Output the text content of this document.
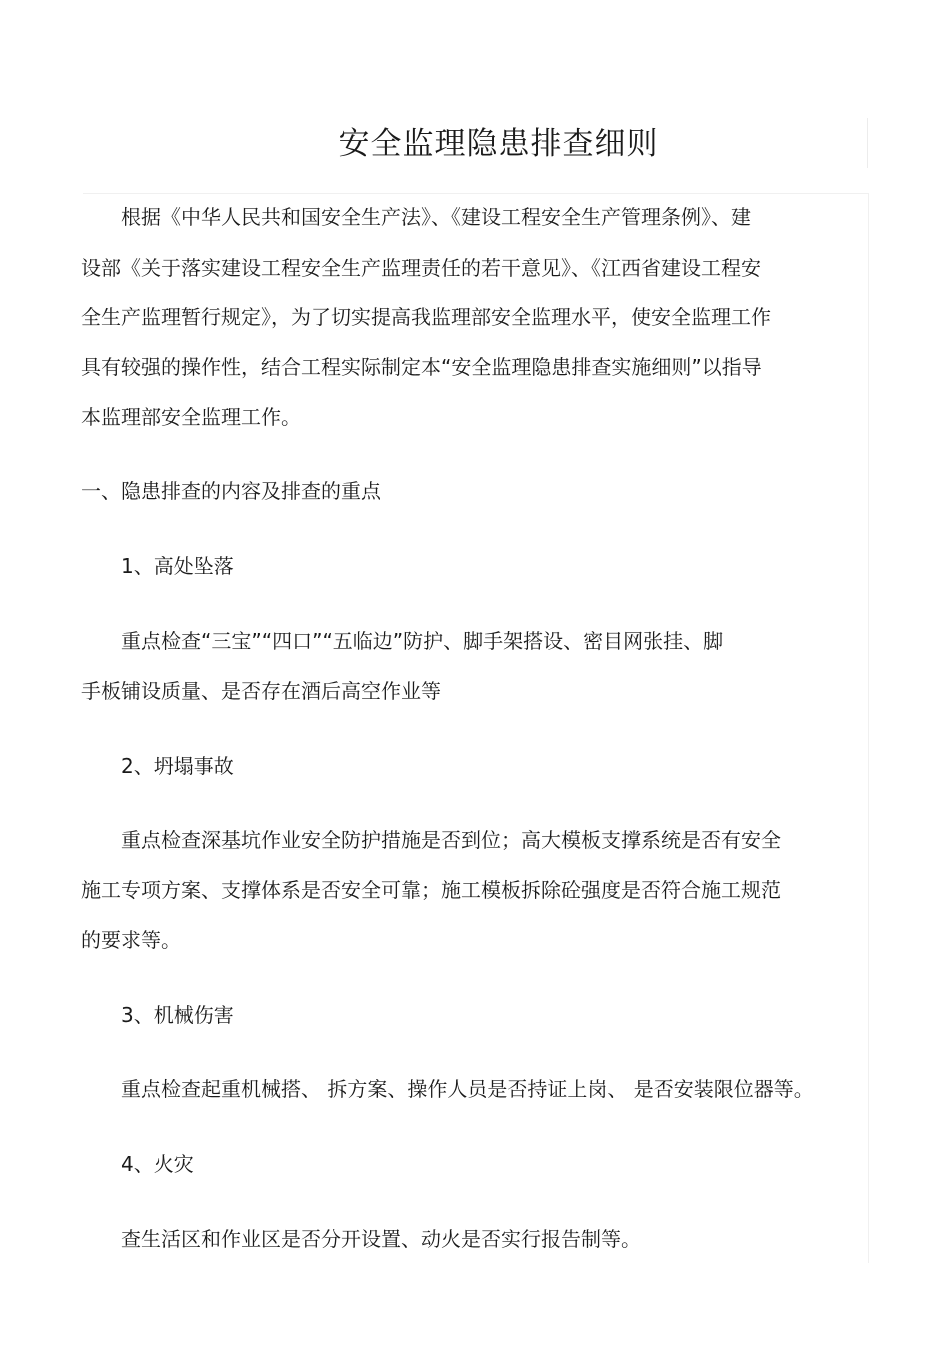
安全监理隐患排查细则
根据《中华人民共和国安全生产法》、《建设工程安全生产管理条例》、建
设部《关于落实建设工程安全生产监理责任的若干意见》、《江西省建设工程安
全生产监理暂行规定》，为了切实提高我监理部安全监理水平，使安全监理工作
具有较强的操作性，结合工程实际制定本“安全监理隐患排查实施细则”以指导
本监理部安全监理工作。
一、隐患排查的内容及排查的重点
1、高处坠落
重点检查“三宝”“四口”“五临边”防护、脚手架搭设、密目网张挂、脚
手板铺设质量、是否存在酒后高空作业等
2、坍塌事故
重点检查深基坑作业安全防护措施是否到位；高大模板支撑系统是否有安全
施工专项方案、支撑体系是否安全可靠；施工模板拆除砼强度是否符合施工规范
的要求等。
3、机械伤害
重点检查起重机械搭、 拆方案、操作人员是否持证上岗、 是否安装限位器等。
4、火灾
查生活区和作业区是否分开设置、动火是否实行报告制等。
